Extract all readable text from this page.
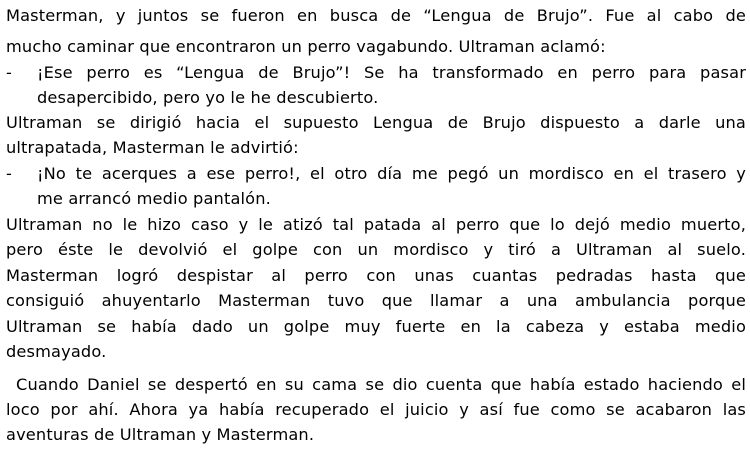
Masterman, y juntos se fueron en busca de “Lengua de Brujo”. Fue al cabo de
mucho caminar que encontraron un perro vagabundo. Ultraman aclamó:
-	¡Ese perro es “Lengua de Brujo”! Se ha transformado en perro para pasar
desapercibido, pero yo le he descubierto.
Ultraman se dirigió hacia el supuesto Lengua de Brujo dispuesto a darle una
ultrapatada, Masterman le advirtió:
-	¡No te acerques a ese perro!, el otro día me pegó un mordisco en el trasero y
me arrancó medio pantalón.
Ultraman no le hizo caso y le atizó tal patada al perro que lo dejó medio muerto,
pero éste le devolvió el golpe con un mordisco y tiró a Ultraman al suelo.
Masterman logró despistar al perro con unas cuantas pedradas hasta que
consiguió ahuyentarlo Masterman tuvo que llamar a una ambulancia porque
Ultraman se había dado un golpe muy fuerte en la cabeza y estaba medio
desmayado.
Cuando Daniel se despertó en su cama se dio cuenta que había estado haciendo el
loco por ahí. Ahora ya había recuperado el juicio y así fue como se acabaron las
aventuras de Ultraman y Masterman.
